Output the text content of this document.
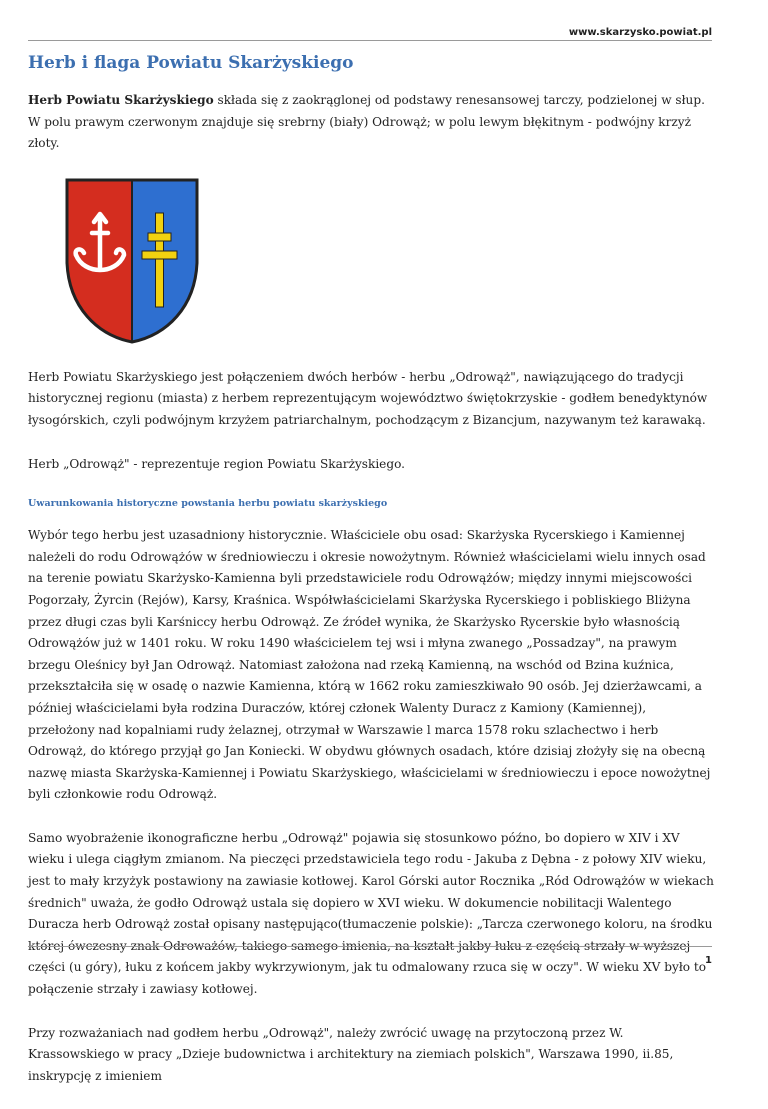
www.skarzysko.powiat.pl
Herb i flaga Powiatu Skarżyskiego

Herb Powiatu Skarżyskiego składa się z zaokrąglonej od podstawy renesansowej tarczy, podzielonej w słup. W polu prawym czerwonym znajduje się srebrny (biały) Odrowąż; w polu lewym błękitnym - podwójny krzyż złoty.

Herb Powiatu Skarżyskiego jest połączeniem dwóch herbów - herbu „Odrowąż", nawiązującego do tradycji historycznej regionu (miasta) z herbem reprezentującym województwo świętokrzyskie - godłem benedyktynów łysogórskich, czyli podwójnym krzyżem patriarchalnym, pochodzącym z Bizancjum, nazywanym też karawaką.

Herb „Odrowąż" - reprezentuje region Powiatu Skarżyskiego.

Uwarunkowania historyczne powstania herbu powiatu skarżyskiego

Wybór tego herbu jest uzasadniony historycznie. Właściciele obu osad: Skarżyska Rycerskiego i Kamiennej należeli do rodu Odrowążów w średniowieczu i okresie nowożytnym. Również właścicielami wielu innych osad na terenie powiatu Skarżysko-Kamienna byli przedstawiciele rodu Odrowążów; między innymi miejscowości Pogorzały, Żyrcin (Rejów), Karsy, Kraśnica. Współwłaścicielami Skarżyska Rycerskiego i pobliskiego Bliżyna przez długi czas byli Karśniccy herbu Odrowąż. Ze źródeł wynika, że Skarżysko Rycerskie było własnością Odrowążów już w 1401 roku. W roku 1490 właścicielem tej wsi i młyna zwanego „Possadzay", na prawym brzegu Oleśnicy był Jan Odrowąż. Natomiast założona nad rzeką Kamienną, na wschód od Bzina kuźnica, przekształciła się w osadę o nazwie Kamienna, którą w 1662 roku zamieszkiwało 90 osób. Jej dzierżawcami, a później właścicielami była rodzina Duraczów, której członek Walenty Duracz z Kamiony (Kamiennej), przełożony nad kopalniami rudy żelaznej, otrzymał w Warszawie l marca 1578 roku szlachectwo i herb Odrowąż, do którego przyjął go Jan Koniecki. W obydwu głównych osadach, które dzisiaj złożyły się na obecną nazwę miasta Skarżyska-Kamiennej i Powiatu Skarżyskiego, właścicielami w średniowieczu i epoce nowożytnej byli członkowie rodu Odrowąż.

Samo wyobrażenie ikonograficzne herbu „Odrowąż" pojawia się stosunkowo późno, bo dopiero w XIV i XV wieku i ulega ciągłym zmianom. Na pieczęci przedstawiciela tego rodu - Jakuba z Dębna - z połowy XIV wieku, jest to mały krzyżyk postawiony na zawiasie kotłowej. Karol Górski autor Rocznika „Ród Odrowążów w wiekach średnich" uważa, że godło Odrowąż ustala się dopiero w XVI wieku. W dokumencie nobilitacji Walentego Duracza herb Odrowąż został opisany następująco(tłumaczenie polskie): „Tarcza czerwonego koloru, na środku której ówczesny znak Odroważów, takiego samego imienia, na kształt jakby łuku z częścią strzały w wyższej części (u góry), łuku z końcem jakby wykrzywionym, jak tu odmalowany rzuca się w oczy". W wieku XV było to połączenie strzały i zawiasy kotłowej.

Przy rozważaniach nad godłem herbu „Odrowąż", należy zwrócić uwagę na przytoczoną przez W. Krassowskiego w pracy „Dzieje budownictwa i architektury na ziemiach polskich", Warszawa 1990, ii.85, inskrypcję z imieniem

1
